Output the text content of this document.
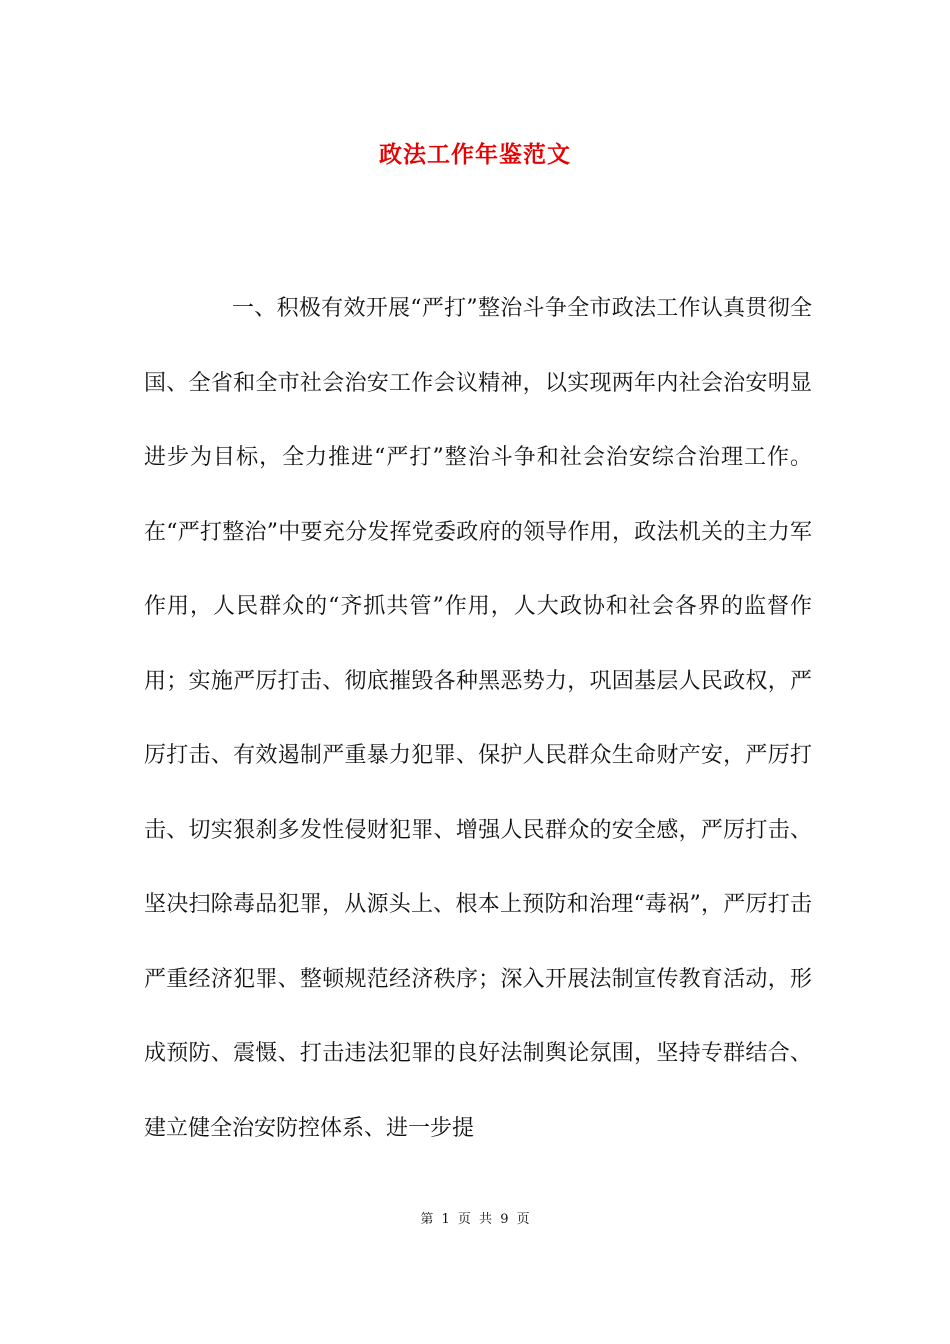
政法工作年鉴范文

一、积极有效开展“严打”整治斗争全市政法工作认真贯彻全国、全省和全市社会治安工作会议精神，以实现两年内社会治安明显进步为目标，全力推进“严打”整治斗争和社会治安综合治理工作。在“严打整治”中要充分发挥党委政府的领导作用，政法机关的主力军作用，人民群众的“齐抓共管”作用，人大政协和社会各界的监督作用；实施严厉打击、彻底摧毁各种黑恶势力，巩固基层人民政权，严厉打击、有效遏制严重暴力犯罪、保护人民群众生命财产安，严厉打击、切实狠刹多发性侵财犯罪、增强人民群众的安全感，严厉打击、坚决扫除毒品犯罪，从源头上、根本上预防和治理“毒祸”，严厉打击严重经济犯罪、整顿规范经济秩序；深入开展法制宣传教育活动，形成预防、震慑、打击违法犯罪的良好法制舆论氛围，坚持专群结合、建立健全治安防控体系、进一步提

第 1 页 共 9 页
